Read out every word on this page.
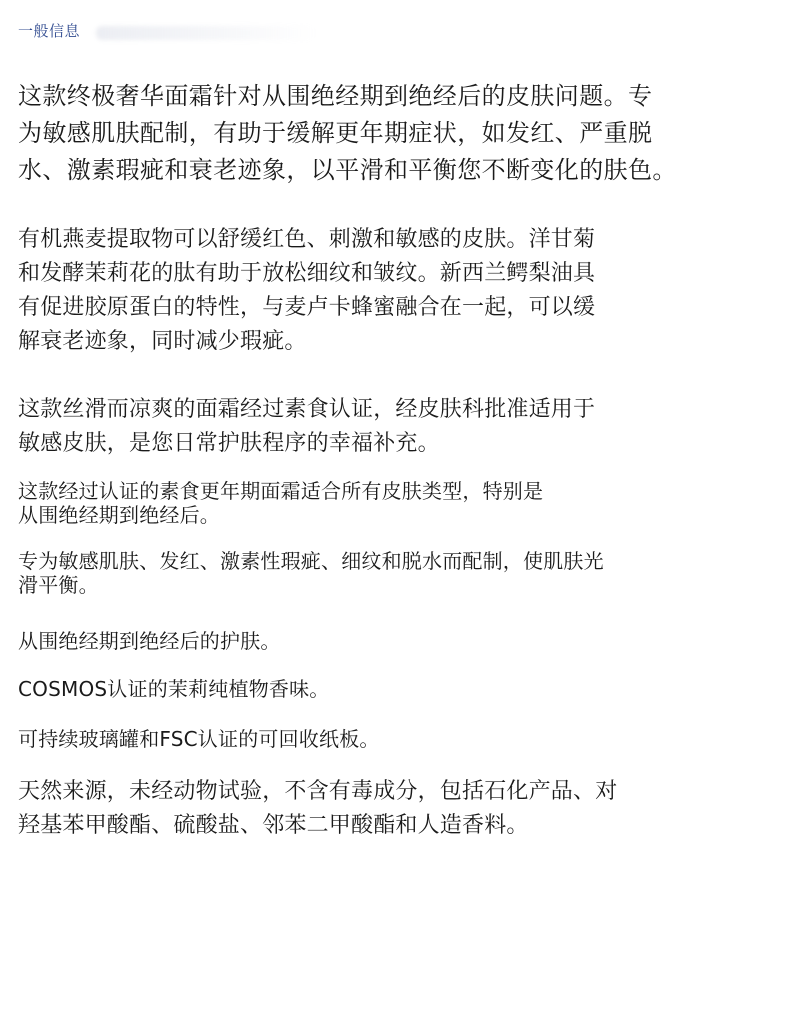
一般信息

这款终极奢华面霜针对从围绝经期到绝经后的皮肤问题。专
为敏感肌肤配制，有助于缓解更年期症状，如发红、严重脱
水、激素瑕疵和衰老迹象，以平滑和平衡您不断变化的肤色。

有机燕麦提取物可以舒缓红色、刺激和敏感的皮肤。洋甘菊
和发酵茉莉花的肽有助于放松细纹和皱纹。新西兰鳄梨油具
有促进胶原蛋白的特性，与麦卢卡蜂蜜融合在一起，可以缓
解衰老迹象，同时减少瑕疵。

这款丝滑而凉爽的面霜经过素食认证，经皮肤科批准适用于
敏感皮肤，是您日常护肤程序的幸福补充。

这款经过认证的素食更年期面霜适合所有皮肤类型，特别是
从围绝经期到绝经后。

专为敏感肌肤、发红、激素性瑕疵、细纹和脱水而配制，使肌肤光
滑平衡。

从围绝经期到绝经后的护肤。

COSMOS认证的茉莉纯植物香味。

可持续玻璃罐和FSC认证的可回收纸板。

天然来源，未经动物试验，不含有毒成分，包括石化产品、对
羟基苯甲酸酯、硫酸盐、邻苯二甲酸酯和人造香料。
